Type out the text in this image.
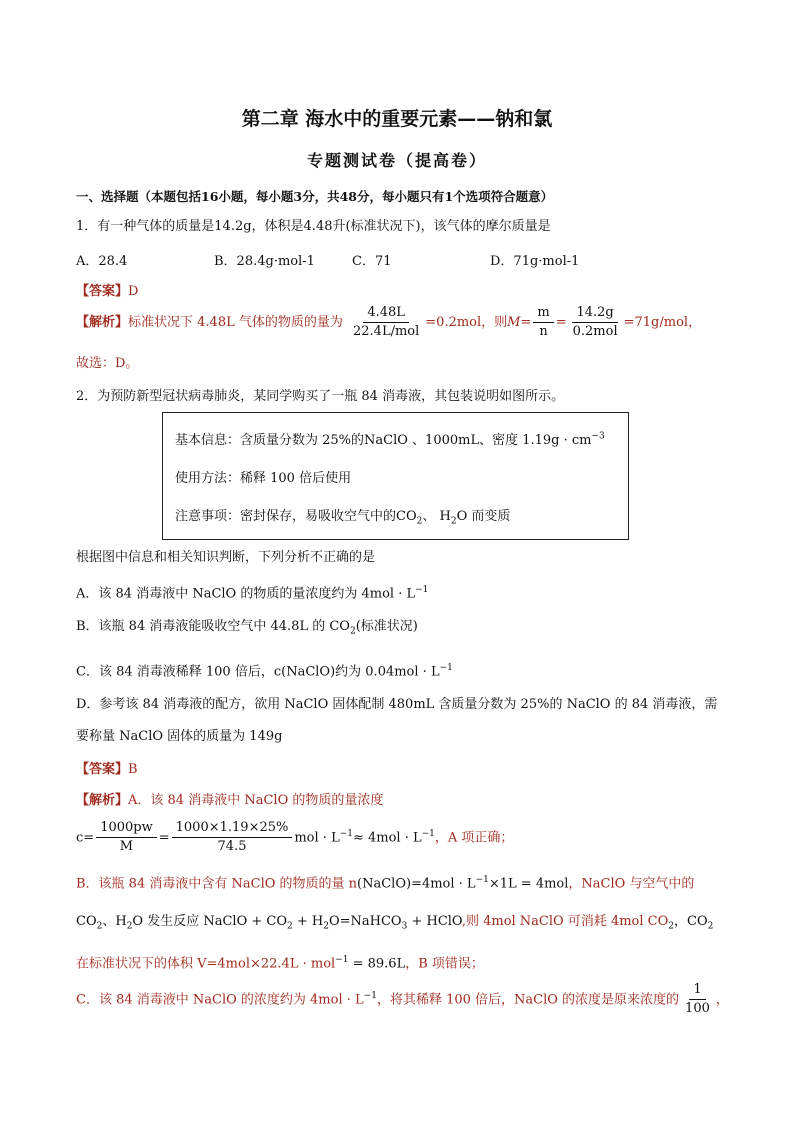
第二章 海水中的重要元素——钠和氯
专题测试卷（提高卷）
一、选择题（本题包括16小题，每小题3分，共48分，每小题只有1个选项符合题意）
1．有一种气体的质量是14.2g，体积是4.48升(标准状况下)，该气体的摩尔质量是
A．28.4	B．28.4g·mol-1	C．71	D．71g·mol-1
【答案】D
【解析】标准状况下 4.48L 气体的物质的量为 $\frac{4.48L}{\text{22.4L/mol}} =0.2mol$，则$M= \frac{m}{n} = \frac{14.2g}{\text{0.2mol}} =71g/mol$，
故选：D。
2．为预防新型冠状病毒肺炎，某同学购买了一瓶 84 消毒液，其包装说明如图所示。
基本信息：含质量分数为 25%的NaClO 、1000mL、密度 $1.19g \cdot cm^{-3}$
使用方法：稀释 100 倍后使用
注意事项：密封保存，易吸收空气中的$CO_2$、 $H_2O$ 而变质
根据图中信息和相关知识判断，下列分析不正确的是
A．该 84 消毒液中 NaClO 的物质的量浓度约为 $4mol \cdot L^{-1}$
B．该瓶 84 消毒液能吸收空气中 44.8L 的 $CO_2$(标准状况)
C．该 84 消毒液稀释 100 倍后，c(NaClO)约为 $0.04mol \cdot L^{-1}$
D．参考该 84 消毒液的配方，欲用 NaClO 固体配制 480mL 含质量分数为 25%的 NaClO 的 84 消毒液，需
要称量 NaClO 固体的质量为 149g
【答案】B
【解析】A．该 84 消毒液中 NaClO 的物质的量浓度
$c= \frac{1000pw}{M} = \frac{1000\times 1.19\times 25\%}{74.5}$ mol · $L^{-1}\approx 4mol \cdot L^{-1}$，A 项正确；
B．该瓶 84 消毒液中含有 NaClO 的物质的量 n(NaClO)=4mol · $L^{-1}\times 1L = 4mol$，NaClO 与空气中的
$CO_2$、$H_2O$ 发生反应 NaClO + $CO_2$ + $H_2O=NaHCO_3$ + HClO,则 4mol NaClO 可消耗 4mol $CO_2$，$CO_2$
在标准状况下的体积 V=4mol×22.4L · mol$^{-1}$ = 89.6L，B 项错误；
C．该 84 消毒液中 NaClO 的浓度约为 $4mol \cdot L^{-1}$，将其稀释 100 倍后，NaClO 的浓度是原来浓度的 $\frac{1}{100}$ ，
